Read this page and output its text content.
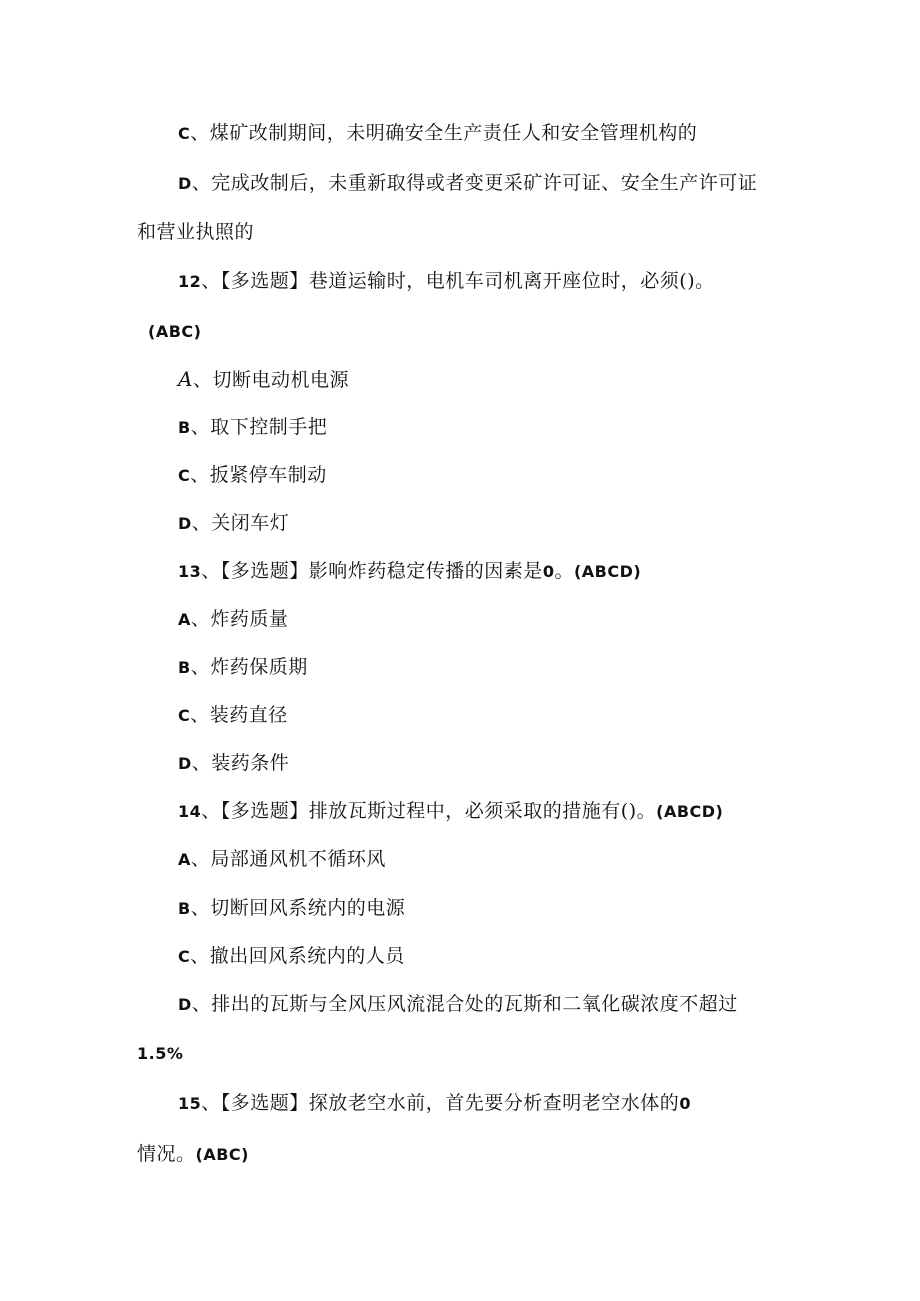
C、煤矿改制期间，未明确安全生产责任人和安全管理机构的
D、完成改制后，未重新取得或者变更采矿许可证、安全生产许可证
和营业执照的
12、【多选题】巷道运输时，电机车司机离开座位时，必须()。
(ABC)
A、切断电动机电源
B、取下控制手把
C、扳紧停车制动
D、关闭车灯
13、【多选题】影响炸药稳定传播的因素是0。(ABCD)
A、炸药质量
B、炸药保质期
C、装药直径
D、装药条件
14、【多选题】排放瓦斯过程中，必须采取的措施有()。(ABCD)
A、局部通风机不循环风
B、切断回风系统内的电源
C、撤出回风系统内的人员
D、排出的瓦斯与全风压风流混合处的瓦斯和二氧化碳浓度不超过
1.5%
15、【多选题】探放老空水前，首先要分析查明老空水体的0
情况。(ABC)
